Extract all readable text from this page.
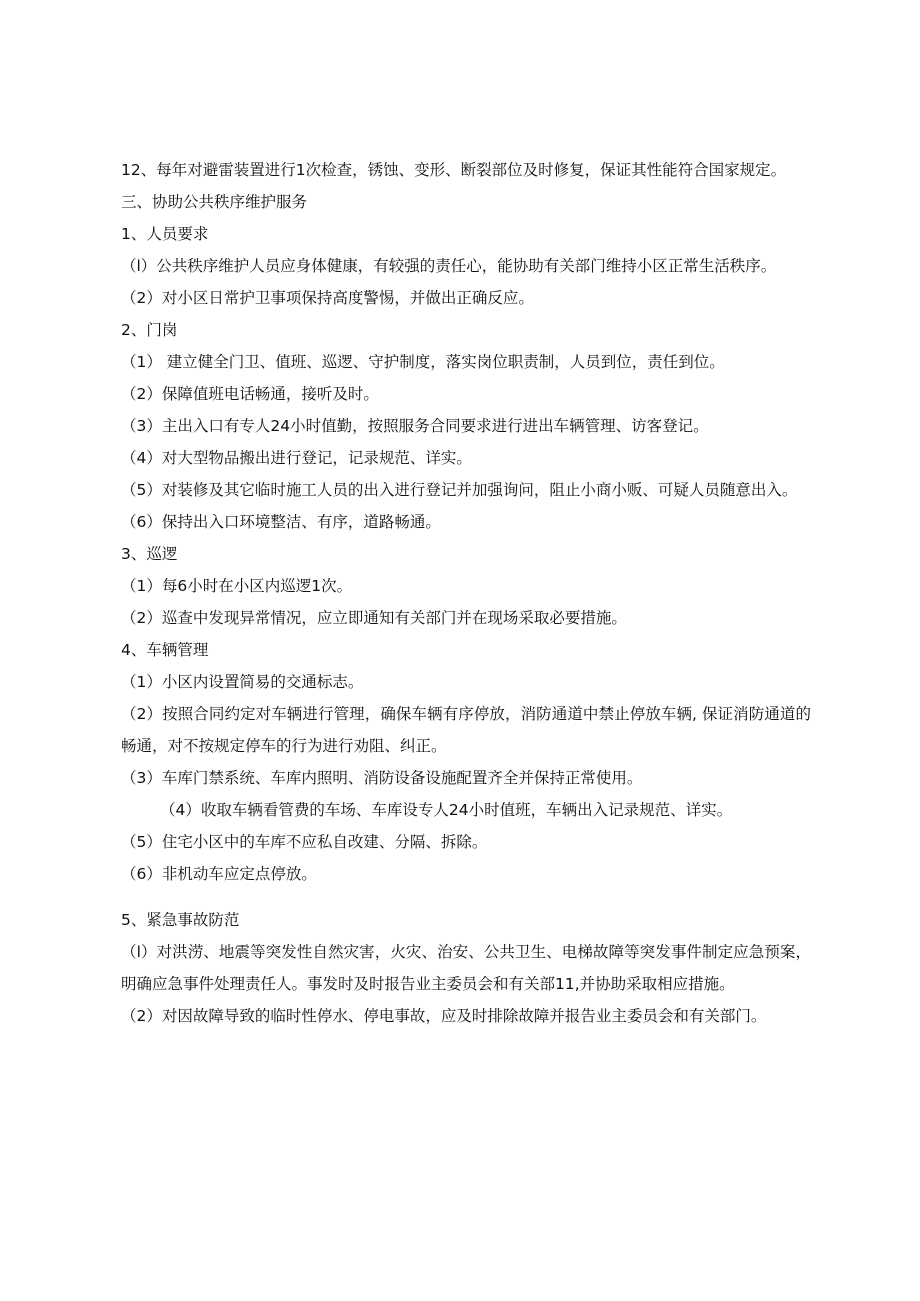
12、每年对避雷装置进行1次检查，锈蚀、变形、断裂部位及时修复，保证其性能符合国家规定。

三、协助公共秩序维护服务

1、人员要求

（l）公共秩序维护人员应身体健康，有较强的责任心，能协助有关部门维持小区正常生活秩序。

（2）对小区日常护卫事项保持高度警惕，并做出正确反应。

2、门岗

（1） 建立健全门卫、值班、巡逻、守护制度，落实岗位职责制，人员到位，责任到位。

（2）保障值班电话畅通，接听及时。

（3）主出入口有专人24小时值勤，按照服务合同要求进行进出车辆管理、访客登记。

（4）对大型物品搬出进行登记，记录规范、详实。

（5）对装修及其它临时施工人员的出入进行登记并加强询问，阻止小商小贩、可疑人员随意出入。

（6）保持出入口环境整洁、有序，道路畅通。

3、巡逻

（1）每6小时在小区内巡逻1次。

（2）巡查中发现异常情况，应立即通知有关部门并在现场采取必要措施。

4、车辆管理

（1）小区内设置简易的交通标志。

（2）按照合同约定对车辆进行管理，确保车辆有序停放，消防通道中禁止停放车辆, 保证消防通道的畅通，对不按规定停车的行为进行劝阻、纠正。

（3）车库门禁系统、车库内照明、消防设备设施配置齐全并保持正常使用。

（4）收取车辆看管费的车场、车库设专人24小时值班，车辆出入记录规范、详实。

（5）住宅小区中的车库不应私自改建、分隔、拆除。

（6）非机动车应定点停放。

5、紧急事故防范

（l）对洪涝、地震等突发性自然灾害，火灾、治安、公共卫生、电梯故障等突发事件制定应急预案，明确应急事件处理责任人。事发时及时报告业主委员会和有关部11,并协助采取相应措施。

（2）对因故障导致的临时性停水、停电事故，应及时排除故障并报告业主委员会和有关部门。
